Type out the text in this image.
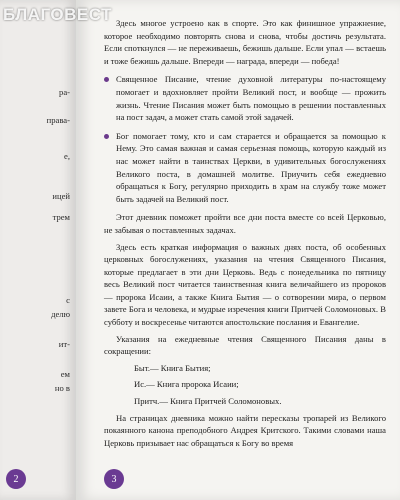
ра-
права-
е,
ицей
трем
с
делю
ит-
ем
но в
2

Здесь многое устроено как в спорте. Это как финишное упражнение, которое необходимо повторять снова и снова, чтобы достичь результата. Если споткнулся — не переживаешь, бежишь дальше. Если упал — встаешь и тоже бежишь дальше. Впереди — награда, впереди — победа!

Священное Писание, чтение духовной литературы по-настоящему помогает и вдохновляет пройти Великий пост, и вообще — прожить жизнь. Чтение Писания может быть помощью в решении поставленных на пост задач, а может стать самой этой задачей.

Бог помогает тому, кто и сам старается и обращается за помощью к Нему. Это самая важная и самая серьезная помощь, которую каждый из нас может найти в таинствах Церкви, в удивительных богослужениях Великого поста, в домашней молитве. Приучить себя ежедневно обращаться к Богу, регулярно приходить в храм на службу тоже может быть задачей на Великий пост.

Этот дневник поможет пройти все дни поста вместе со всей Церковью, не забывая о поставленных задачах.

Здесь есть краткая информация о важных днях поста, об особенных церковных богослужениях, указания на чтения Священного Писания, которые предлагает в эти дни Церковь. Ведь с понедельника по пятницу весь Великий пост читается таинственная книга величайшего из пророков — пророка Исаии, а также Книга Бытия — о сотворении мира, о первом завете Бога и человека, и мудрые изречения книги Притчей Соломоновых. В субботу и воскресенье читаются апостольские послания и Евангелие.

Указания на ежедневные чтения Священного Писания даны в сокращении:

Быт.— Книга Бытия;

Ис.— Книга пророка Исаии;

Притч.— Книга Притчей Соломоновых.

На страницах дневника можно найти пересказы тропарей из Великого покаянного канона преподобного Андрея Критского. Такими словами наша Церковь призывает нас обращаться к Богу во время

3
БЛАГОВЕСТ
